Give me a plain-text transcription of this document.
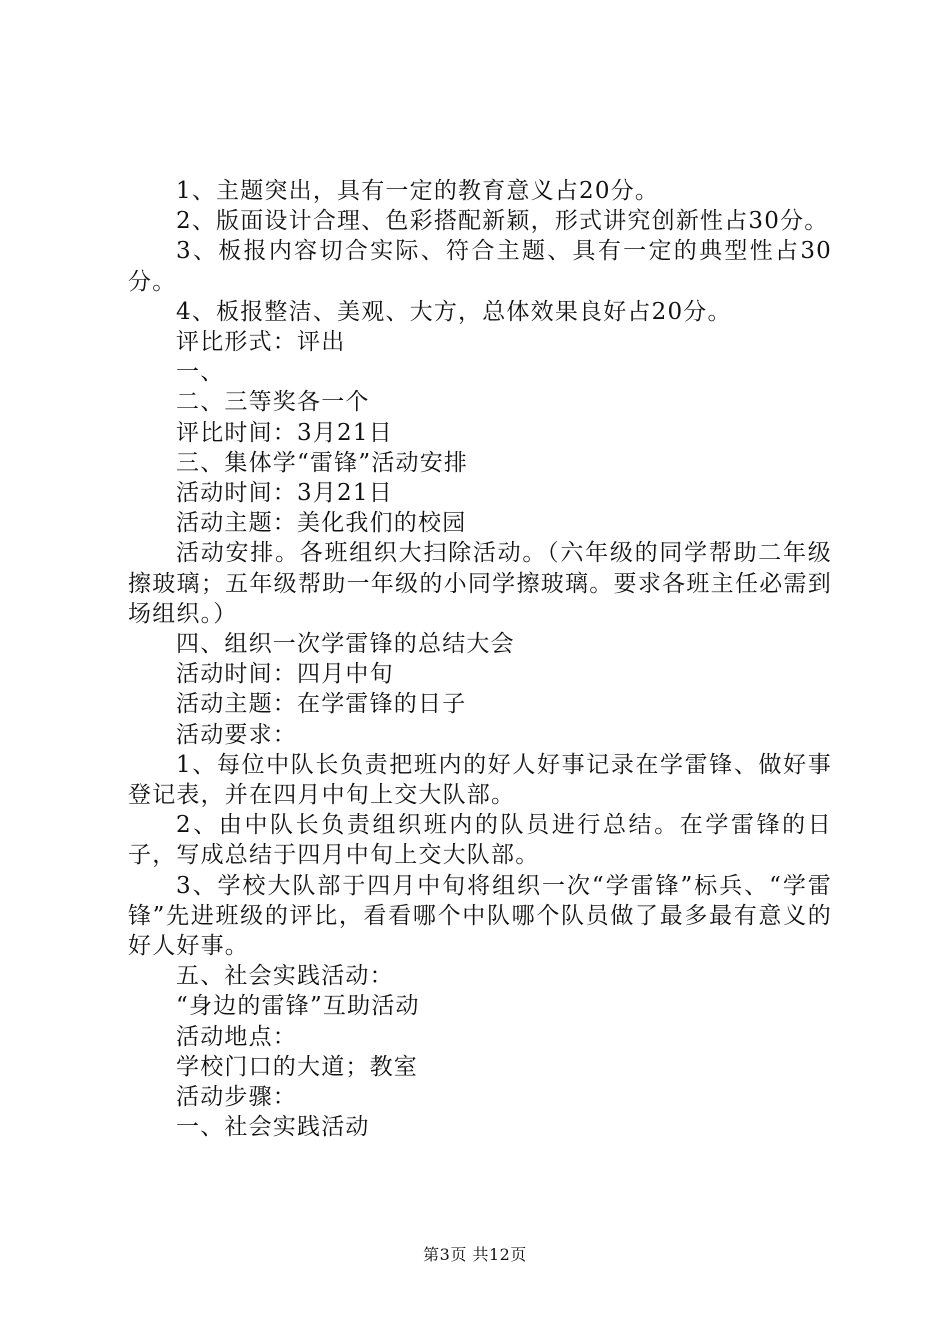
1、主题突出，具有一定的教育意义占20分。

2、版面设计合理、色彩搭配新颖，形式讲究创新性占30分。

3、板报内容切合实际、符合主题、具有一定的典型性占30分。

4、板报整洁、美观、大方，总体效果良好占20分。

评比形式：评出

一、

二、三等奖各一个

评比时间：3月21日

三、集体学“雷锋”活动安排

活动时间：3月21日

活动主题：美化我们的校园

活动安排。各班组织大扫除活动。（六年级的同学帮助二年级擦玻璃；五年级帮助一年级的小同学擦玻璃。要求各班主任必需到场组织。）

四、组织一次学雷锋的总结大会

活动时间：四月中旬

活动主题：在学雷锋的日子

活动要求：

1、每位中队长负责把班内的好人好事记录在学雷锋、做好事登记表，并在四月中旬上交大队部。

2、由中队长负责组织班内的队员进行总结。在学雷锋的日子，写成总结于四月中旬上交大队部。

3、学校大队部于四月中旬将组织一次“学雷锋”标兵、“学雷锋”先进班级的评比，看看哪个中队哪个队员做了最多最有意义的好人好事。

五、社会实践活动：

“身边的雷锋”互助活动

活动地点：

学校门口的大道；教室

活动步骤：

一、社会实践活动

第3页 共12页
